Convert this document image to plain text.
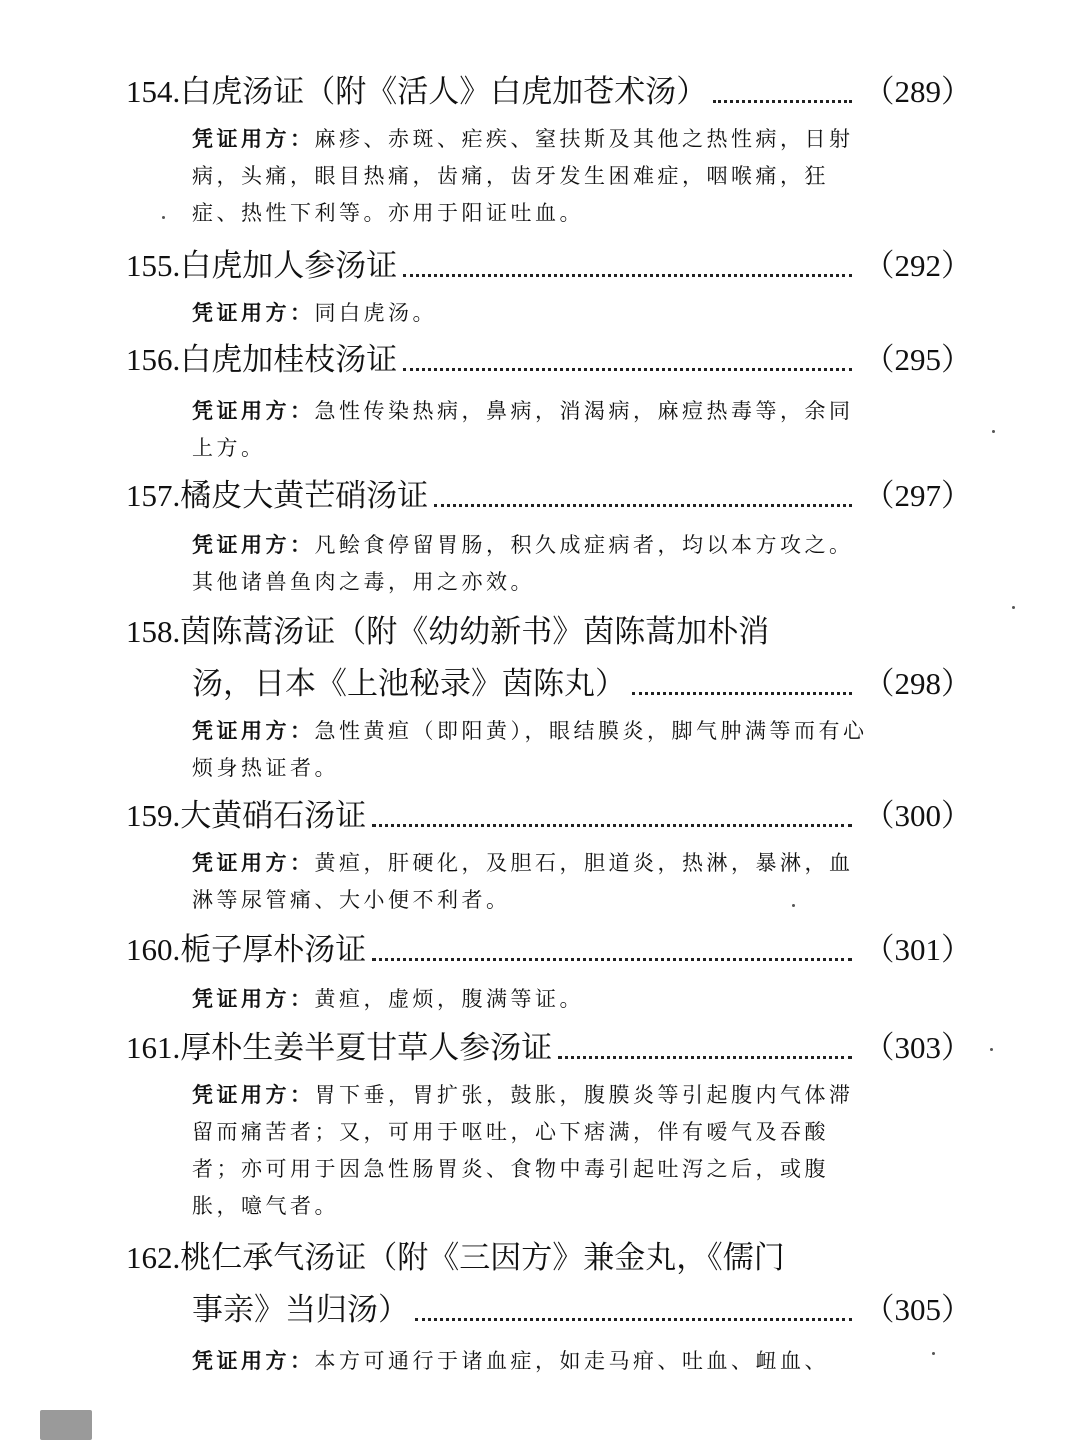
154. 白虎汤证（附《活人》白虎加苍术汤）	（289）
凭证用方：麻疹、赤斑、疟疾、窒扶斯及其他之热性病，日射病，头痛，眼目热痛，齿痛，齿牙发生困难症，咽喉痛，狂症、热性下利等。亦用于阳证吐血。
155. 白虎加人参汤证	（292）
凭证用方：同白虎汤。
156. 白虎加桂枝汤证	（295）
凭证用方：急性传染热病，鼻病，消渴病，麻痘热毒等，余同上方。
157. 橘皮大黄芒硝汤证	（297）
凭证用方：凡鲙食停留胃肠，积久成症病者，均以本方攻之。其他诸兽鱼肉之毒，用之亦效。
158. 茵陈蒿汤证（附《幼幼新书》茵陈蒿加朴消
汤，日本《上池秘录》茵陈丸）	（298）
凭证用方：急性黄疸（即阳黄），眼结膜炎，脚气肿满等而有心烦身热证者。
159. 大黄硝石汤证	（300）
凭证用方：黄疸，肝硬化，及胆石，胆道炎，热淋，暴淋，血淋等尿管痛、大小便不利者。
160. 栀子厚朴汤证	（301）
凭证用方：黄疸，虚烦，腹满等证。
161. 厚朴生姜半夏甘草人参汤证	（303）
凭证用方：胃下垂，胃扩张，鼓胀，腹膜炎等引起腹内气体滞留而痛苦者；又，可用于呕吐，心下痞满，伴有嗳气及吞酸者；亦可用于因急性肠胃炎、食物中毒引起吐泻之后，或腹胀，噫气者。
162. 桃仁承气汤证（附《三因方》兼金丸，《儒门
事亲》当归汤）	（305）
凭证用方：本方可通行于诸血症，如走马疳、吐血、衄血、
